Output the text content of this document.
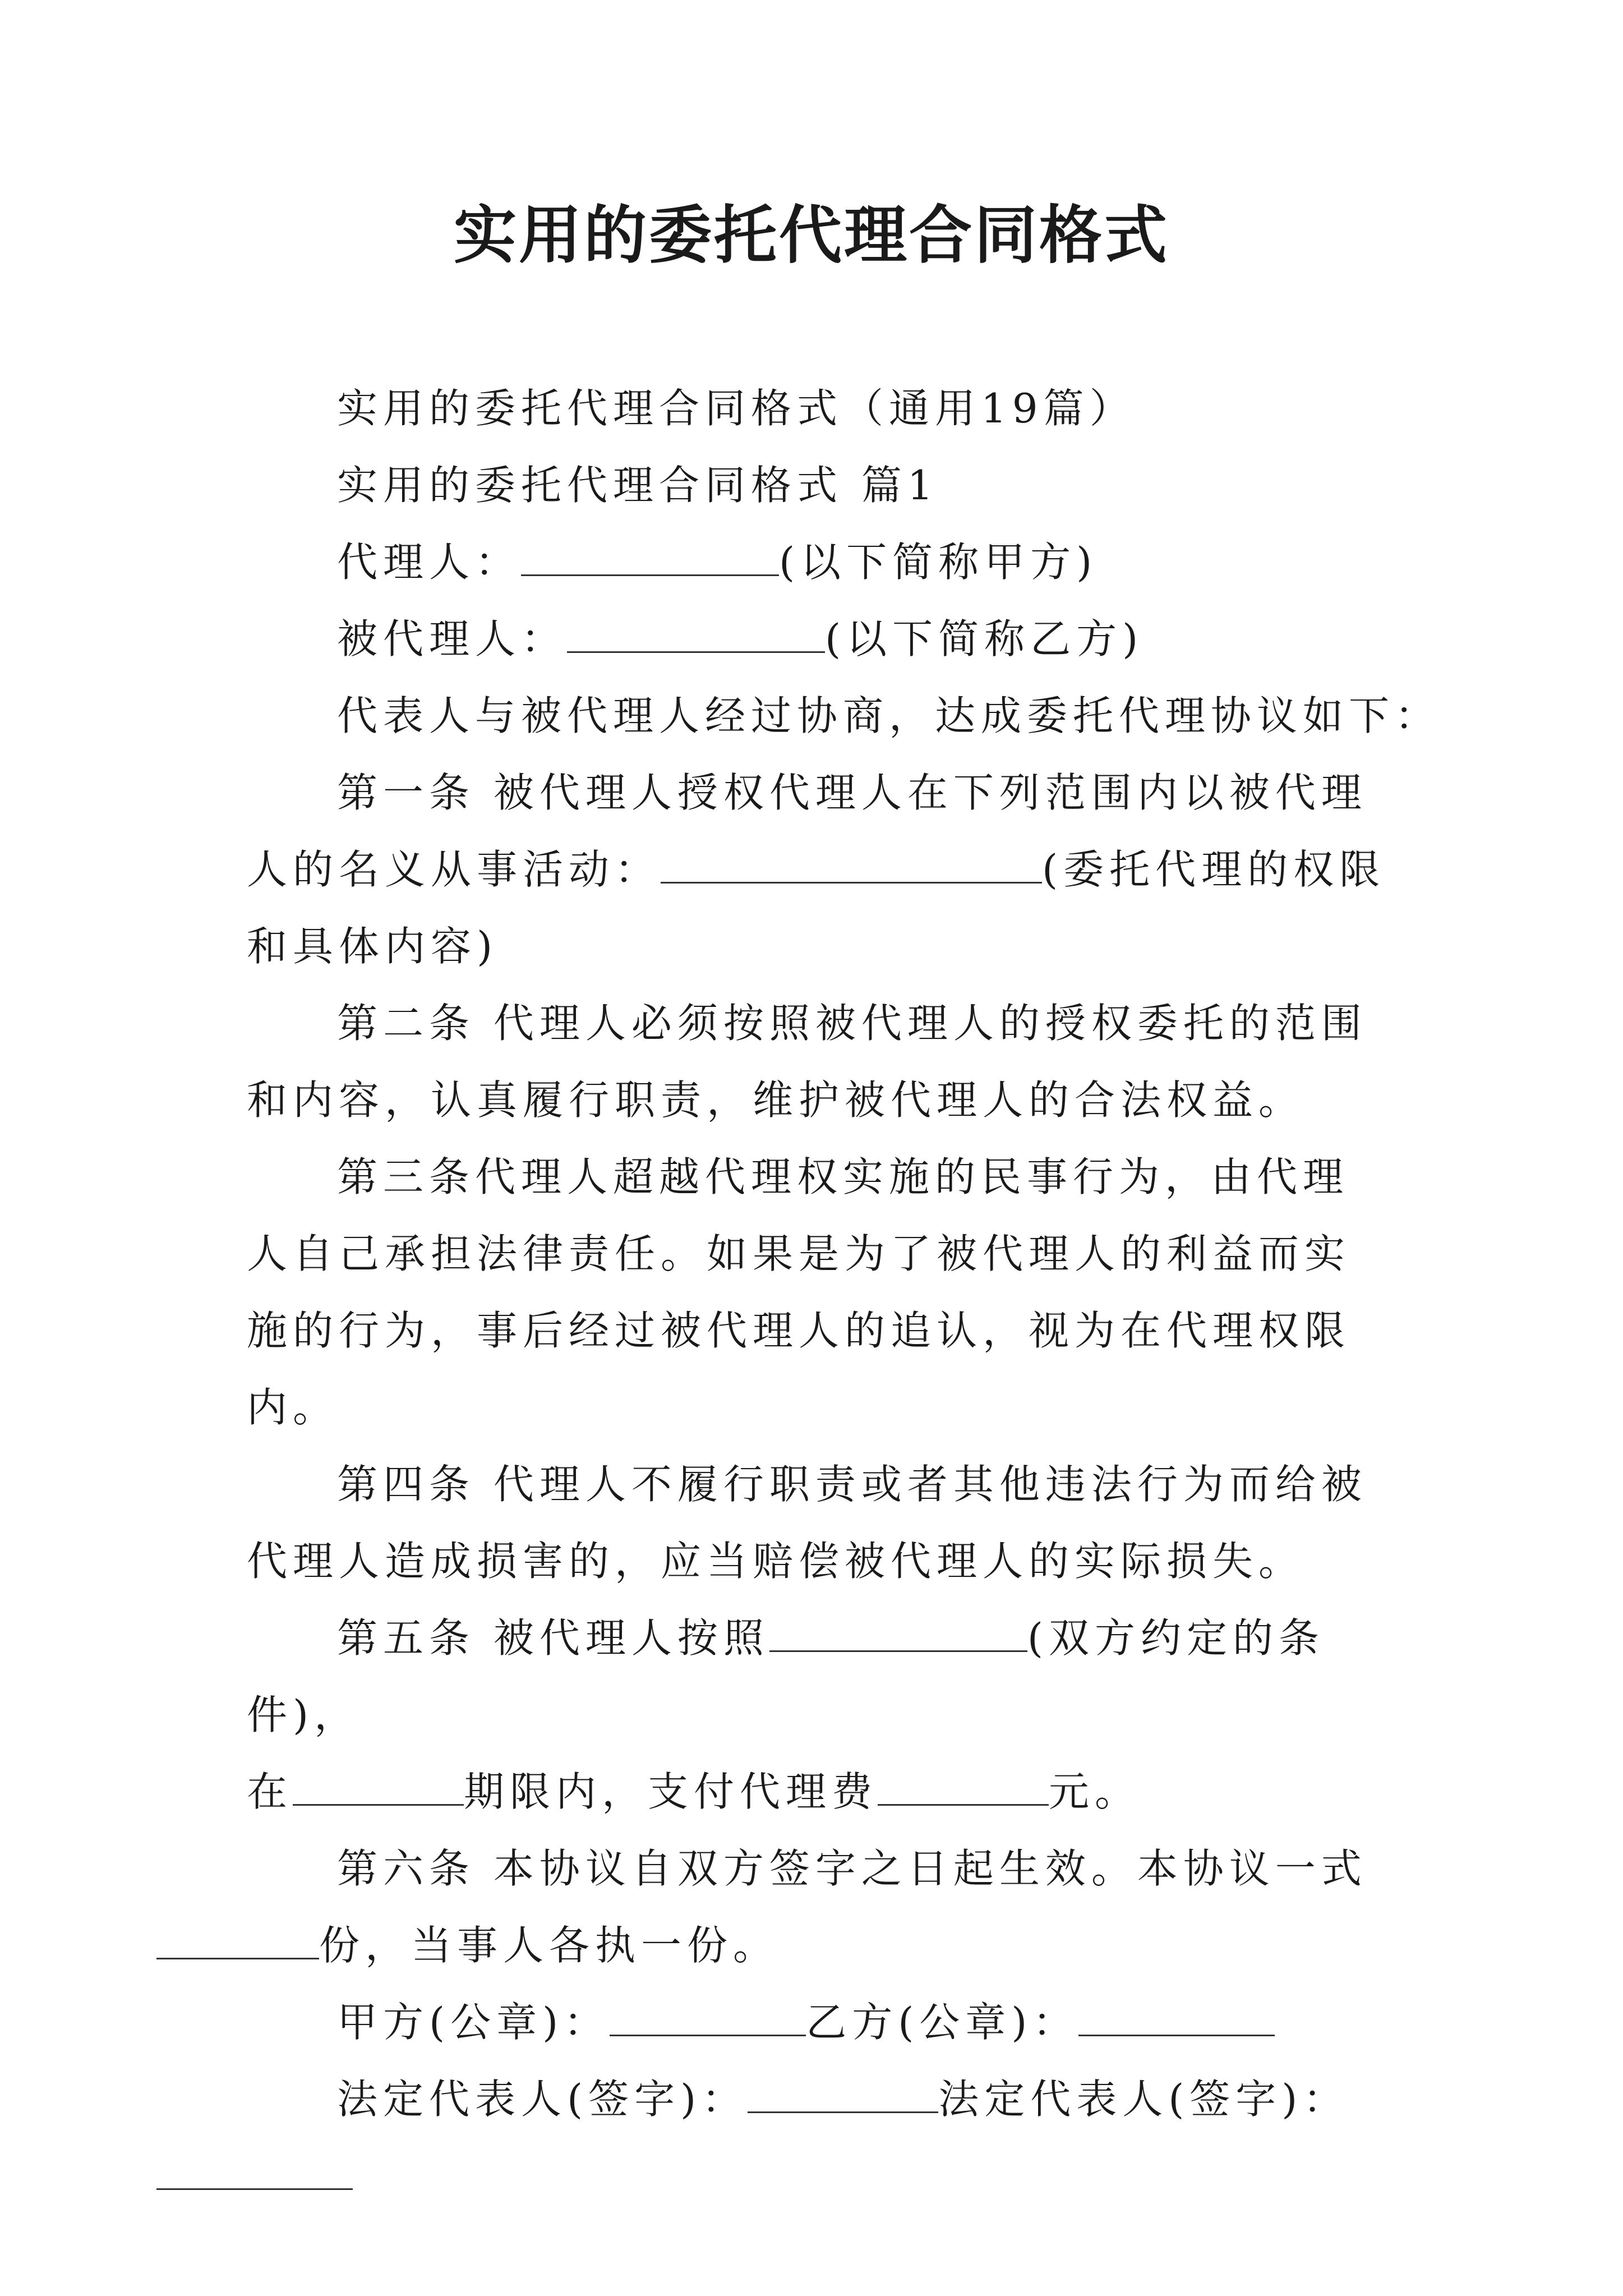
实用的委托代理合同格式
实用的委托代理合同格式（通用19篇）
实用的委托代理合同格式 篇1
代理人：	(以下简称甲方)
被代理人：	(以下简称乙方)
代表人与被代理人经过协商，达成委托代理协议如下：
第一条 被代理人授权代理人在下列范围内以被代理人的名义从事活动：	(委托代理的权限和具体内容)
第二条 代理人必须按照被代理人的授权委托的范围和内容，认真履行职责，维护被代理人的合法权益。
第三条代理人超越代理权实施的民事行为，由代理人自己承担法律责任。如果是为了被代理人的利益而实施的行为，事后经过被代理人的追认，视为在代理权限内。
第四条 代理人不履行职责或者其他违法行为而给被代理人造成损害的，应当赔偿被代理人的实际损失。
第五条 被代理人按照	(双方约定的条件)，
在	期限内，支付代理费	元。
第六条 本协议自双方签字之日起生效。本协议一式
份，当事人各执一份。
甲方(公章)：	乙方(公章)：
法定代表人(签字)：	法定代表人(签字)：
